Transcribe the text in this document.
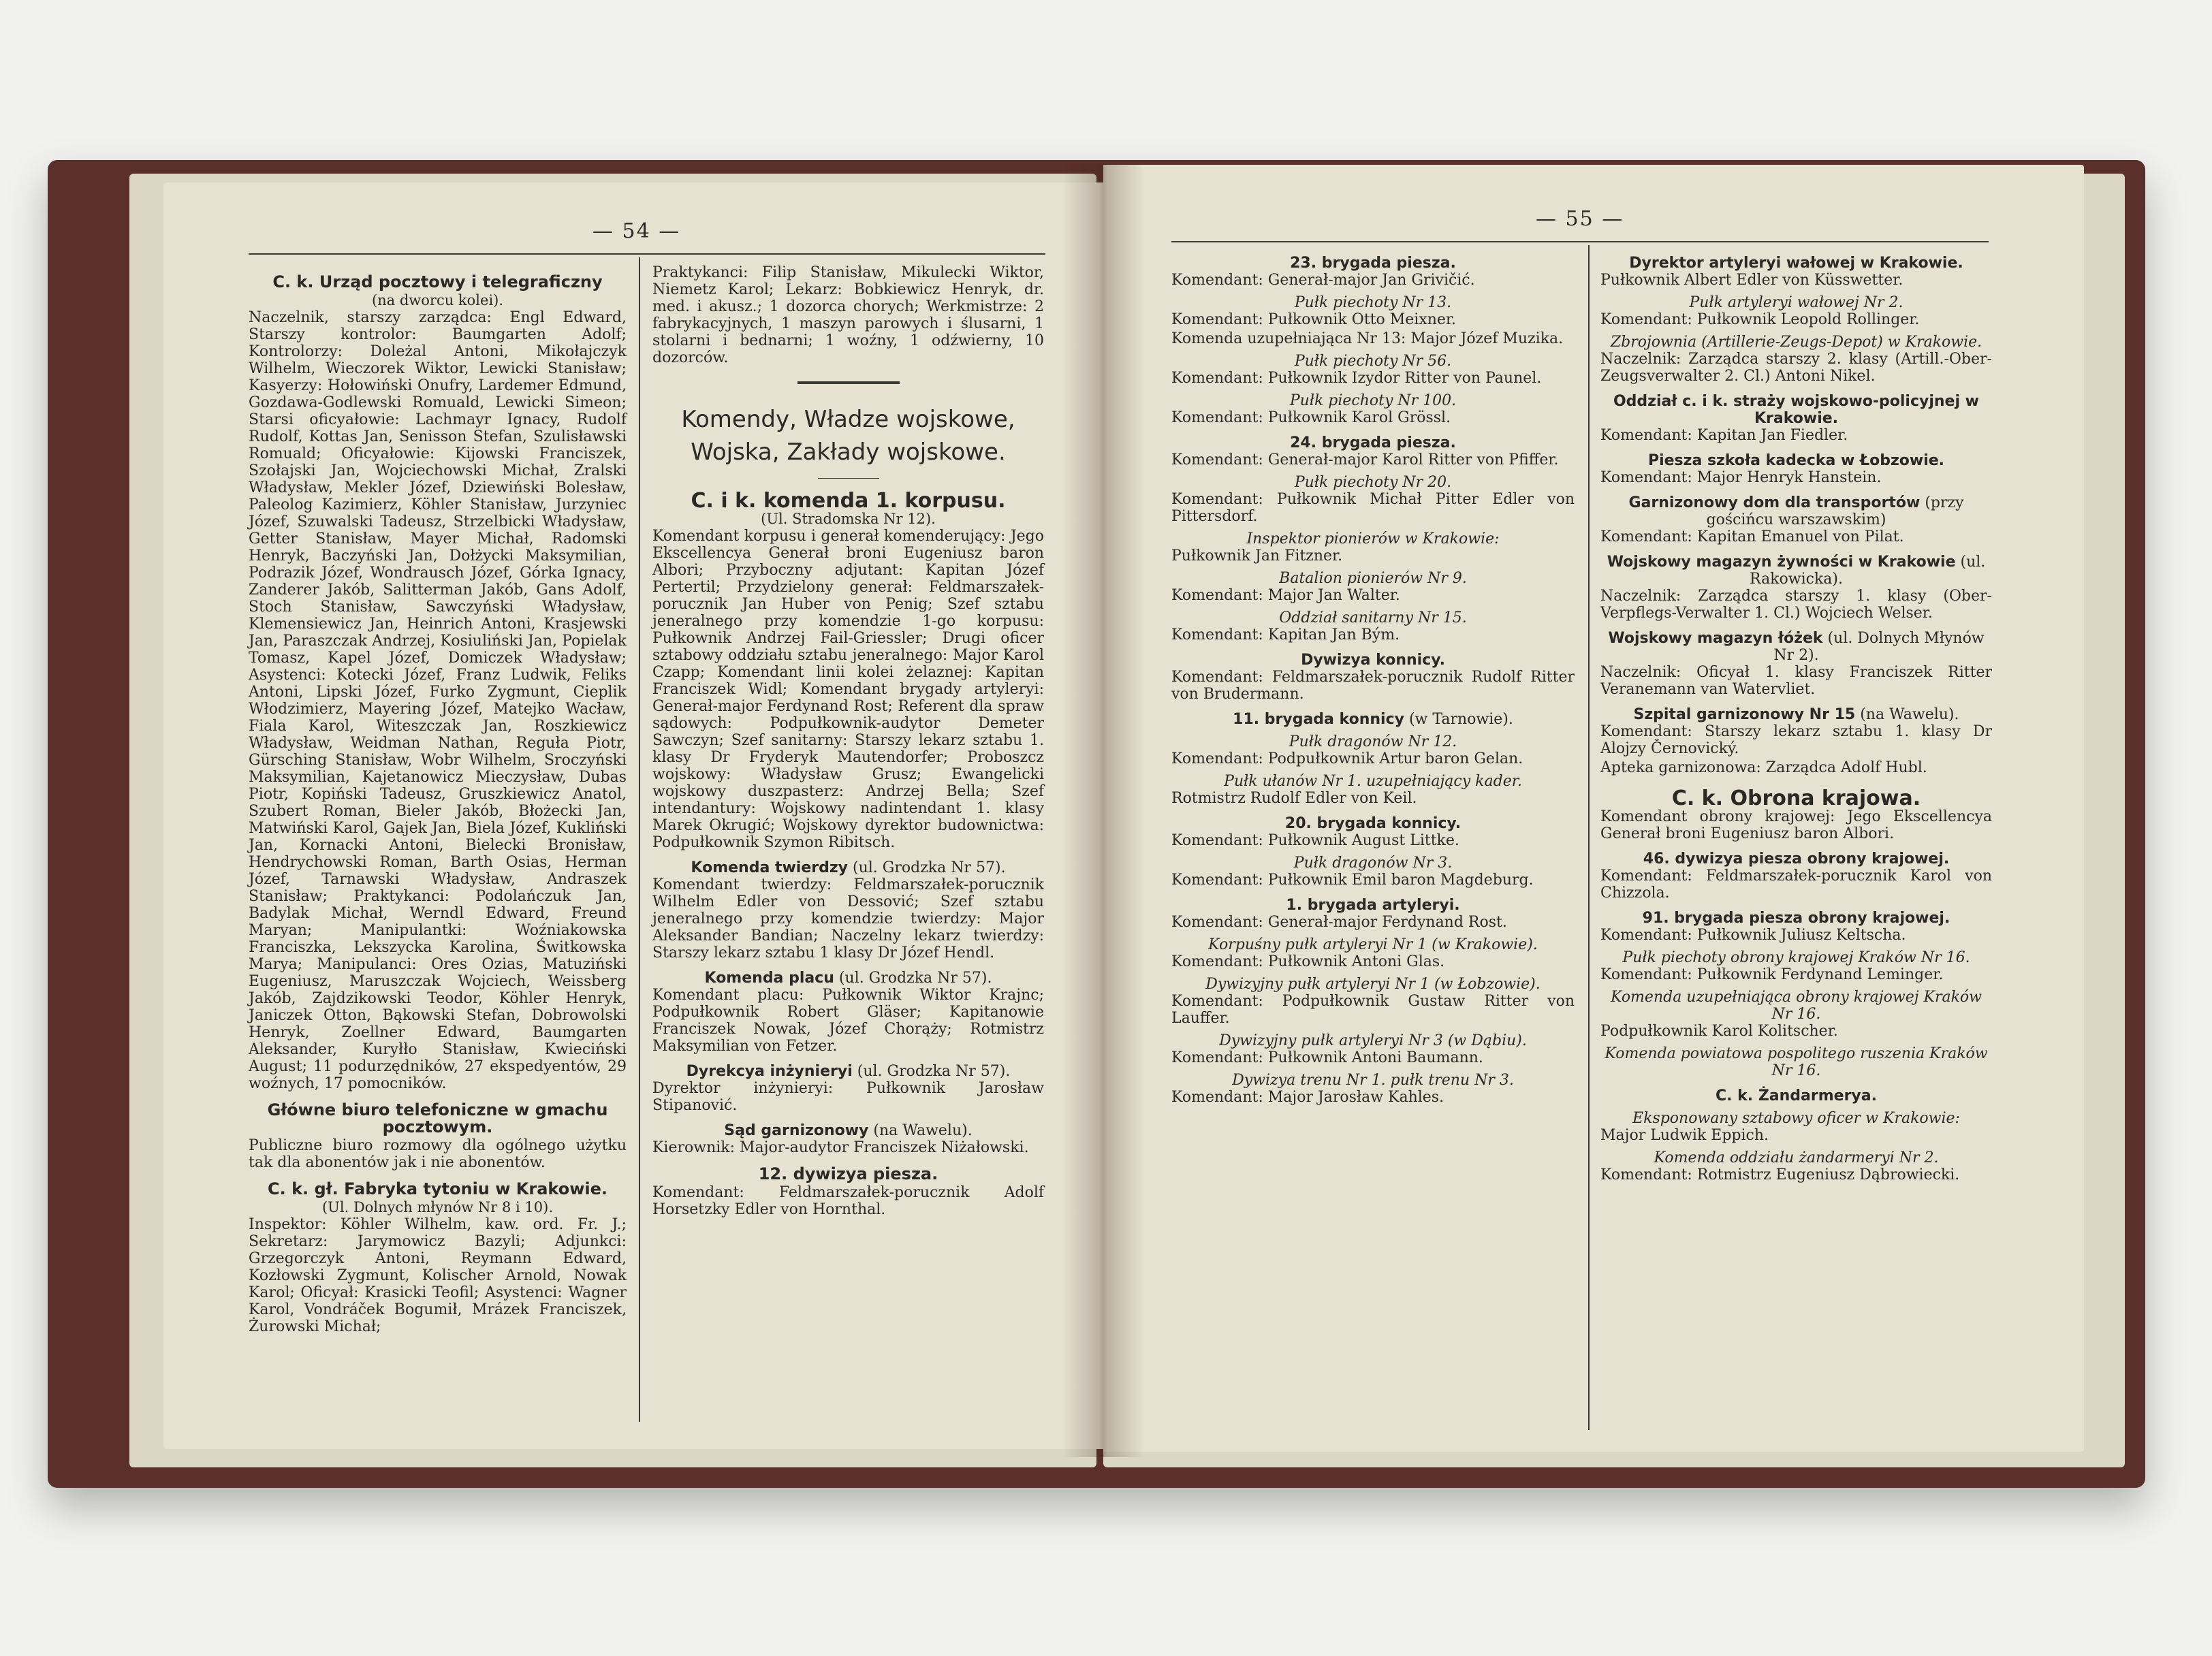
— 54 —
C. k. Urząd pocztowy i telegraficzny
(na dworcu kolei).

Naczelnik, starszy zarządca: Engl Edward, Starszy kontrolor: Baumgarten Adolf; Kontrolorzy: Doleżal Antoni, Mikołajczyk Wilhelm, Wieczorek Wiktor, Lewicki Stanisław; Kasyerzy: Hołowiński Onufry, Lardemer Edmund, Gozdawa-Godlewski Romuald, Lewicki Simeon; Starsi oficyałowie: Lachmayr Ignacy, Rudolf Rudolf, Kottas Jan, Senisson Stefan, Szulisławski Romuald; Oficyałowie: Kijowski Franciszek, Szołajski Jan, Wojciechowski Michał, Zralski Władysław, Mekler Józef, Dziewiński Bolesław, Paleolog Kazimierz, Köhler Stanisław, Jurzyniec Józef, Szuwalski Tadeusz, Strzelbicki Władysław, Getter Stanisław, Mayer Michał, Radomski Henryk, Baczyński Jan, Dołżycki Maksymilian, Podrazik Józef, Wondrausch Józef, Górka Ignacy, Zanderer Jakób, Salitterman Jakób, Gans Adolf, Stoch Stanisław, Sawczyński Władysław, Klemensiewicz Jan, Heinrich Antoni, Krasjewski Jan, Paraszczak Andrzej, Kosiuliński Jan, Popielak Tomasz, Kapel Józef, Domiczek Władysław; Asystenci: Kotecki Józef, Franz Ludwik, Feliks Antoni, Lipski Józef, Furko Zygmunt, Cieplik Włodzimierz, Mayering Józef, Matejko Wacław, Fiala Karol, Witeszczak Jan, Roszkiewicz Władysław, Weidman Nathan, Reguła Piotr, Gürsching Stanisław, Wobr Wilhelm, Sroczyński Maksymilian, Kajetanowicz Mieczysław, Dubas Piotr, Kopiński Tadeusz, Gruszkiewicz Anatol, Szubert Roman, Bieler Jakób, Błożecki Jan, Matwiński Karol, Gajek Jan, Biela Józef, Kukliński Jan, Kornacki Antoni, Bielecki Bronisław, Hendrychowski Roman, Barth Osias, Herman Józef, Tarnawski Władysław, Andraszek Stanisław; Praktykanci: Podolańczuk Jan, Badylak Michał, Werndl Edward, Freund Maryan; Manipulantki: Woźniakowska Franciszka, Lekszycka Karolina, Świtkowska Marya; Manipulanci: Ores Ozias, Matuziński Eugeniusz, Maruszczak Wojciech, Weissberg Jakób, Zajdzikowski Teodor, Köhler Henryk, Janiczek Otton, Bąkowski Stefan, Dobrowolski Henryk, Zoellner Edward, Baumgarten Aleksander, Kuryłło Stanisław, Kwieciński August; 11 podurzędników, 27 ekspedyentów, 29 woźnych, 17 pomocników.

Główne biuro telefoniczne w gmachu pocztowym.

Publiczne biuro rozmowy dla ogólnego użytku tak dla abonentów jak i nie abonentów.

C. k. gł. Fabryka tytoniu w Krakowie.
(Ul. Dolnych młynów Nr 8 i 10).

Inspektor: Köhler Wilhelm, kaw. ord. Fr. J.; Sekretarz: Jarymowicz Bazyli; Adjunkci: Grzegorczyk Antoni, Reymann Edward, Kozłowski Zygmunt, Kolischer Arnold, Nowak Karol; Oficyał: Krasicki Teofil; Asystenci: Wagner Karol, Vondráček Bogumił, Mrázek Franciszek, Żurowski Michał;

Praktykanci: Filip Stanisław, Mikulecki Wiktor, Niemetz Karol; Lekarz: Bobkiewicz Henryk, dr. med. i akusz.; 1 dozorca chorych; Werkmistrze: 2 fabrykacyjnych, 1 maszyn parowych i ślusarni, 1 stolarni i bednarni; 1 woźny, 1 odźwierny, 10 dozorców.

Komendy, Władze wojskowe, Wojska, Zakłady wojskowe.
C. i k. komenda 1. korpusu.
(Ul. Stradomska Nr 12).

Komendant korpusu i generał komenderujący: Jego Ekscellencya Generał broni Eugeniusz baron Albori; Przyboczny adjutant: Kapitan Józef Pertertil; Przydzielony generał: Feldmarszałek-porucznik Jan Huber von Penig; Szef sztabu jeneralnego przy komendzie 1-go korpusu: Pułkownik Andrzej Fail-Griessler; Drugi oficer sztabowy oddziału sztabu jeneralnego: Major Karol Czapp; Komendant linii kolei żelaznej: Kapitan Franciszek Widl; Komendant brygady artyleryi: Generał-major Ferdynand Rost; Referent dla spraw sądowych: Podpułkownik-audytor Demeter Sawczyn; Szef sanitarny: Starszy lekarz sztabu 1. klasy Dr Fryderyk Mautendorfer; Proboszcz wojskowy: Władysław Grusz; Ewangelicki wojskowy duszpasterz: Andrzej Bella; Szef intendantury: Wojskowy nadintendant 1. klasy Marek Okrugić; Wojskowy dyrektor budownictwa: Podpułkownik Szymon Ribitsch.

Komenda twierdzy (ul. Grodzka Nr 57).

Komendant twierdzy: Feldmarszałek-porucznik Wilhelm Edler von Dessović; Szef sztabu jeneralnego przy komendzie twierdzy: Major Aleksander Bandian; Naczelny lekarz twierdzy: Starszy lekarz sztabu 1 klasy Dr Józef Hendl.

Komenda placu (ul. Grodzka Nr 57).

Komendant placu: Pułkownik Wiktor Krajnc; Podpułkownik Robert Gläser; Kapitanowie Franciszek Nowak, Józef Chorąży; Rotmistrz Maksymilian von Fetzer.

Dyrekcya inżynieryi (ul. Grodzka Nr 57).

Dyrektor inżynieryi: Pułkownik Jarosław Stipanović.

Sąd garnizonowy (na Wawelu).

Kierownik: Major-audytor Franciszek Niżałowski.

12. dywizya piesza.

Komendant: Feldmarszałek-porucznik Adolf Horsetzky Edler von Hornthal.

— 55 —
23. brygada piesza.

Komendant: Generał-major Jan Grivičić.

Pułk piechoty Nr 13.

Komendant: Pułkownik Otto Meixner.

Komenda uzupełniająca Nr 13: Major Józef Muzika.

Pułk piechoty Nr 56.

Komendant: Pułkownik Izydor Ritter von Paunel.

Pułk piechoty Nr 100.

Komendant: Pułkownik Karol Grössl.

24. brygada piesza.

Komendant: Generał-major Karol Ritter von Pfiffer.

Pułk piechoty Nr 20.

Komendant: Pułkownik Michał Pitter Edler von Pittersdorf.

Inspektor pionierów w Krakowie:

Pułkownik Jan Fitzner.

Batalion pionierów Nr 9.

Komendant: Major Jan Walter.

Oddział sanitarny Nr 15.

Komendant: Kapitan Jan Bým.

Dywizya konnicy.

Komendant: Feldmarszałek-porucznik Rudolf Ritter von Brudermann.

11. brygada konnicy (w Tarnowie).
Pułk dragonów Nr 12.

Komendant: Podpułkownik Artur baron Gelan.

Pułk ułanów Nr 1. uzupełniający kader.

Rotmistrz Rudolf Edler von Keil.

20. brygada konnicy.

Komendant: Pułkownik August Littke.

Pułk dragonów Nr 3.

Komendant: Pułkownik Emil baron Magdeburg.

1. brygada artyleryi.

Komendant: Generał-major Ferdynand Rost.

Korpuśny pułk artyleryi Nr 1 (w Krakowie).

Komendant: Pułkownik Antoni Glas.

Dywizyjny pułk artyleryi Nr 1 (w Łobzowie).

Komendant: Podpułkownik Gustaw Ritter von Lauffer.

Dywizyjny pułk artyleryi Nr 3 (w Dąbiu).

Komendant: Pułkownik Antoni Baumann.

Dywizya trenu Nr 1. pułk trenu Nr 3.

Komendant: Major Jarosław Kahles.

Dyrektor artyleryi wałowej w Krakowie.

Pułkownik Albert Edler von Küsswetter.

Pułk artyleryi wałowej Nr 2.

Komendant: Pułkownik Leopold Rollinger.

Zbrojownia (Artillerie-Zeugs-Depot) w Krakowie.

Naczelnik: Zarządca starszy 2. klasy (Artill.-Ober-Zeugsverwalter 2. Cl.) Antoni Nikel.

Oddział c. i k. straży wojskowo-policyjnej w Krakowie.

Komendant: Kapitan Jan Fiedler.

Piesza szkoła kadecka w Łobzowie.

Komendant: Major Henryk Hanstein.

Garnizonowy dom dla transportów (przy gościńcu warszawskim)

Komendant: Kapitan Emanuel von Pilat.

Wojskowy magazyn żywności w Krakowie (ul. Rakowicka).

Naczelnik: Zarządca starszy 1. klasy (Ober-Verpflegs-Verwalter 1. Cl.) Wojciech Welser.

Wojskowy magazyn łóżek (ul. Dolnych Młynów Nr 2).

Naczelnik: Oficyał 1. klasy Franciszek Ritter Veranemann van Watervliet.

Szpital garnizonowy Nr 15 (na Wawelu).

Komendant: Starszy lekarz sztabu 1. klasy Dr Alojzy Černovický.

Apteka garnizonowa: Zarządca Adolf Hubl.

C. k. Obrona krajowa.

Komendant obrony krajowej: Jego Ekscellencya Generał broni Eugeniusz baron Albori.

46. dywizya piesza obrony krajowej.

Komendant: Feldmarszałek-porucznik Karol von Chizzola.

91. brygada piesza obrony krajowej.

Komendant: Pułkownik Juliusz Keltscha.

Pułk piechoty obrony krajowej Kraków Nr 16.

Komendant: Pułkownik Ferdynand Leminger.

Komenda uzupełniająca obrony krajowej Kraków Nr 16.

Podpułkownik Karol Kolitscher.

Komenda powiatowa pospolitego ruszenia Kraków Nr 16.
C. k. Żandarmerya.
Eksponowany sztabowy oficer w Krakowie:

Major Ludwik Eppich.

Komenda oddziału żandarmeryi Nr 2.

Komendant: Rotmistrz Eugeniusz Dąbrowiecki.
